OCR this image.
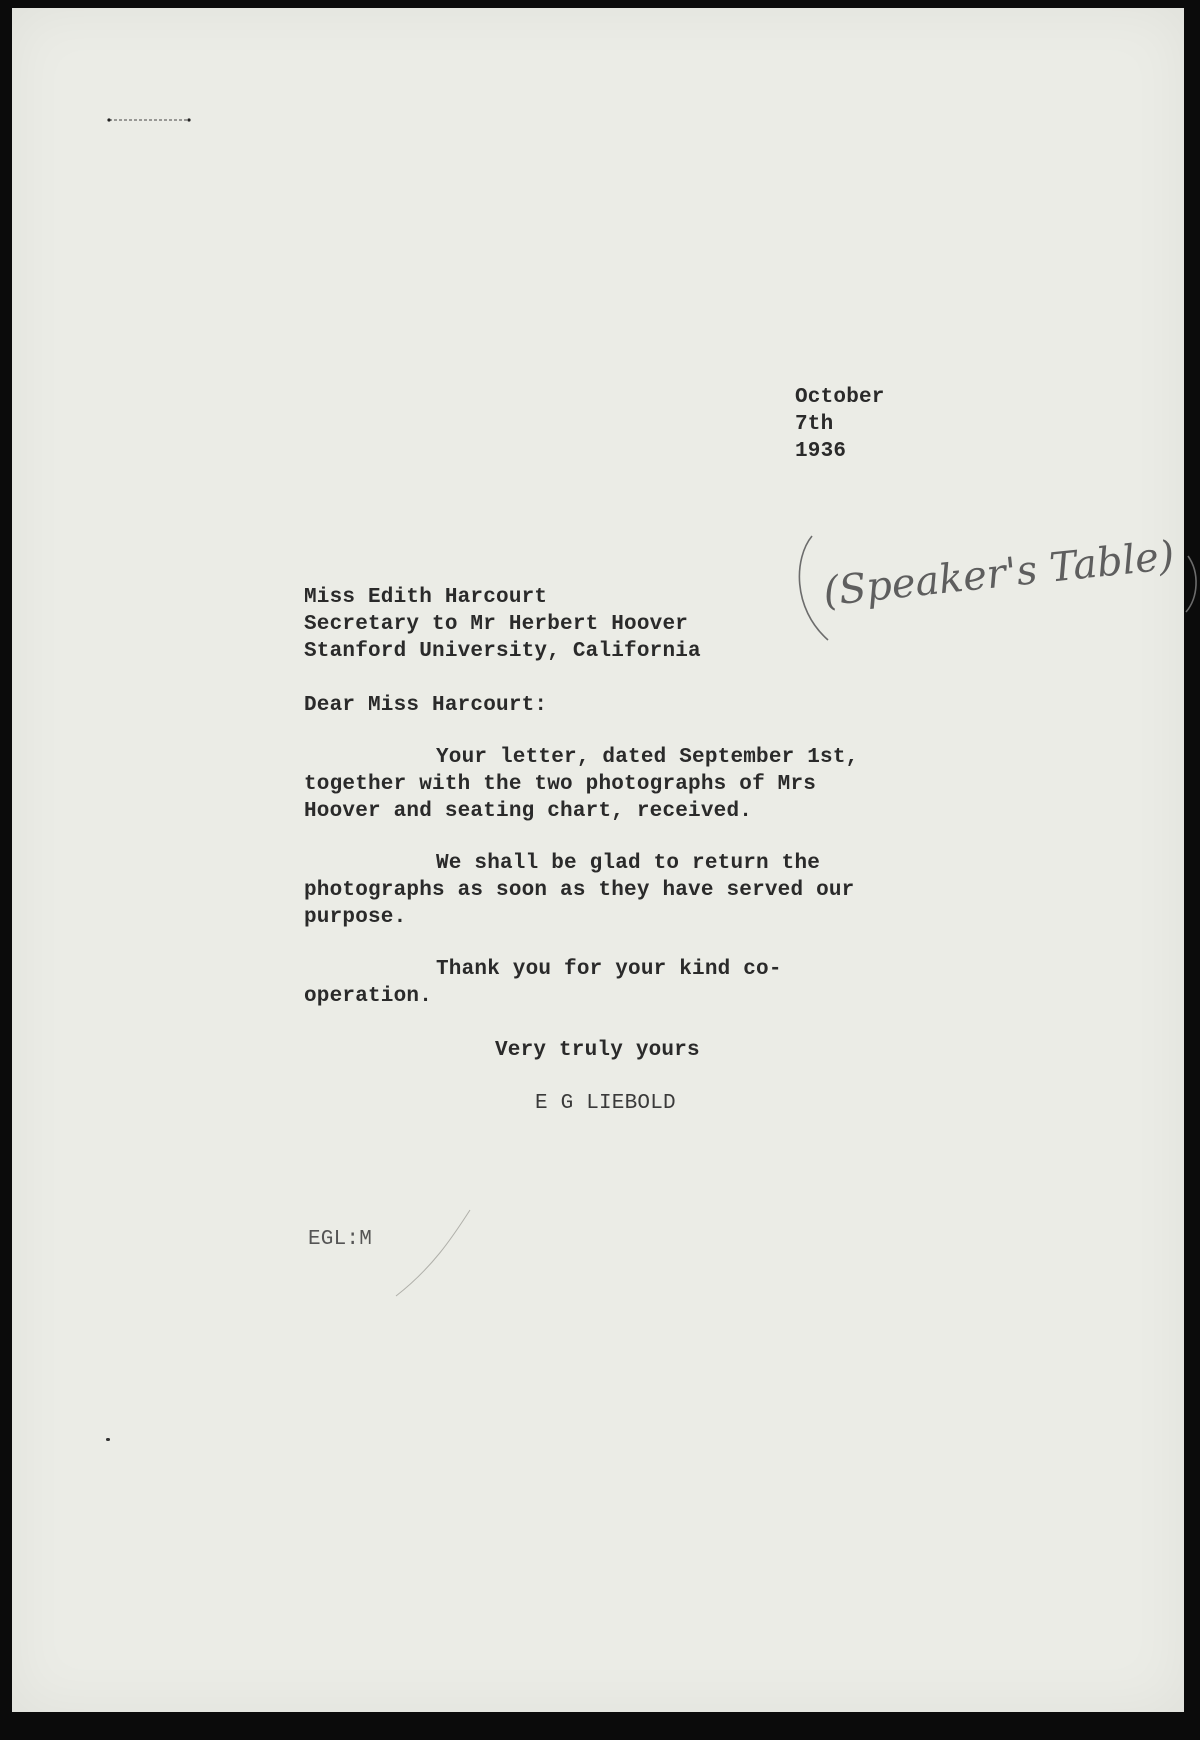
October
7th
1936
Miss Edith Harcourt
Secretary to Mr Herbert Hoover
Stanford University, California
(Speaker's Table)
Dear Miss Harcourt:

Your letter, dated September 1st, together with the two photographs of Mrs Hoover and seating chart, received.

We shall be glad to return the photographs as soon as they have served our purpose.

Thank you for your kind co-operation.

Very truly yours
E G LIEBOLD
EGL:M
